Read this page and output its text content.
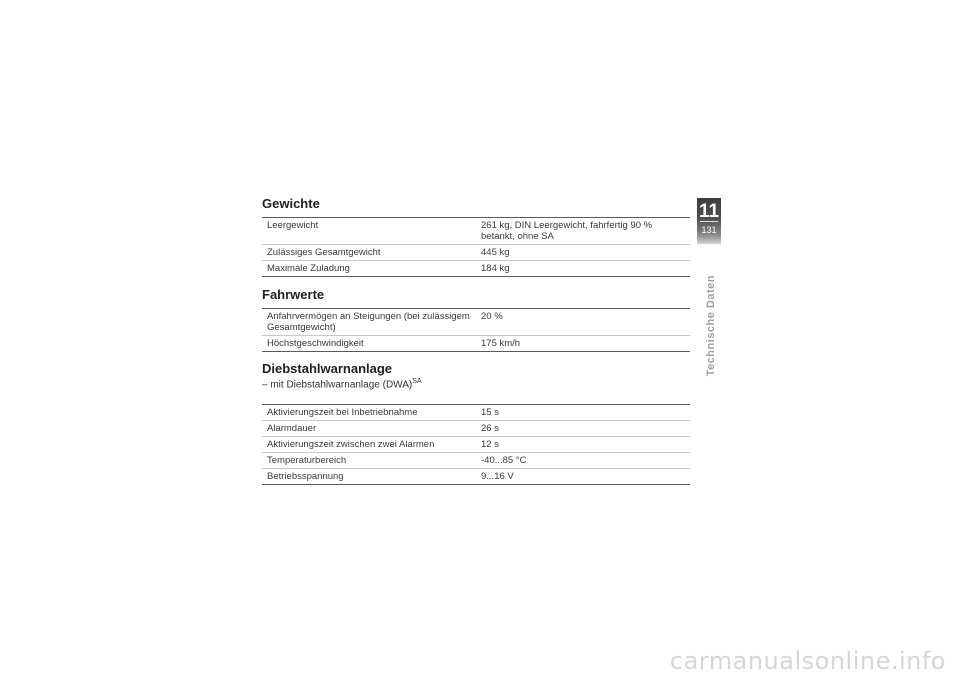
Gewichte
Leergewicht	261 kg, DIN Leergewicht, fahrfertig 90 % betankt, ohne SA
Zulässiges Gesamtgewicht	445 kg
Maximale Zuladung	184 kg
Fahrwerte
Anfahrvermögen an Steigungen (bei zulässigem Gesamtgewicht)	20 %
Höchstgeschwindigkeit	175 km/h
Diebstahlwarnanlage

– mit Diebstahlwarnanlage (DWA)$^{SA}$

Aktivierungszeit bei Inbetriebnahme	15 s
Alarmdauer	26 s
Aktivierungszeit zwischen zwei Alarmen	12 s
Temperaturbereich	-40...85 °C
Betriebsspannung	9...16 V
11
131
Technische Daten
carmanualsonline.info
